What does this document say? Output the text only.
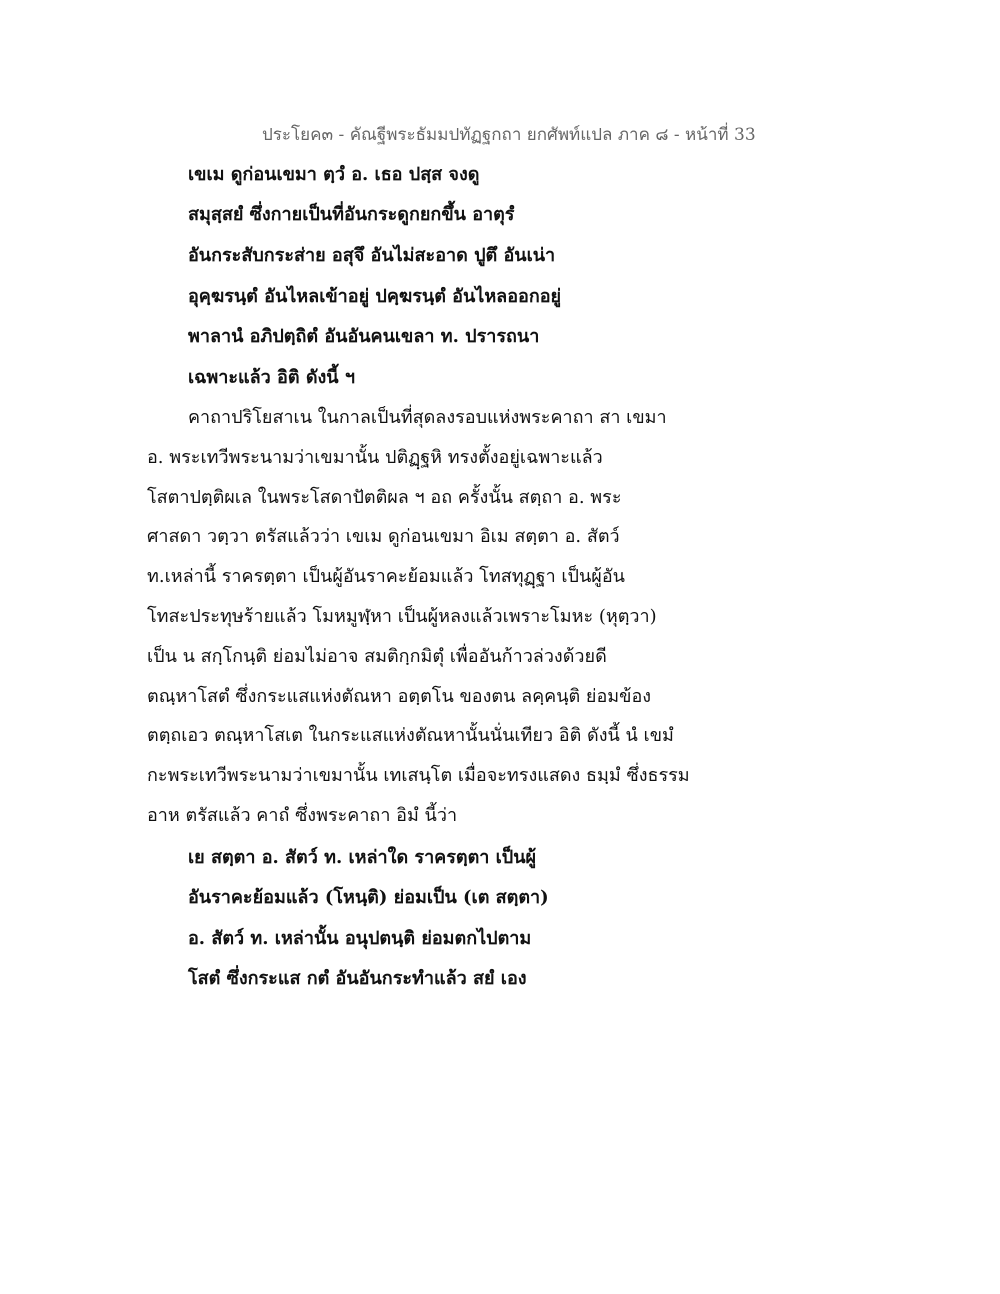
ประโยค๓ - คัณฐีพระธัมมปทัฏฐกถา ยกศัพท์แปล ภาค ๘ - หน้าที่ 33
เขเม ดูก่อนเขมา ตฺวํ อ. เธอ ปสฺส จงดู
สมุสฺสยํ ซึ่งกายเป็นที่อันกระดูกยกขึ้น อาตุรํ
อันกระสับกระส่าย อสุจึ อันไม่สะอาด ปูตึ อันเน่า
อุคฺฆรนฺตํ อันไหลเข้าอยู่ ปคฺฆรนฺตํ อันไหลออกอยู่
พาลานํ อภิปตฺถิตํ อันอันคนเขลา ท. ปรารถนา
เฉพาะแล้ว อิติ ดังนี้ ฯ
คาถาปริโยสาเน ในกาลเป็นที่สุดลงรอบแห่งพระคาถา สา เขมา
อ. พระเทวีพระนามว่าเขมานั้น ปติฏฺฐหิ ทรงตั้งอยู่เฉพาะแล้ว
โสตาปตฺติผเล ในพระโสดาปัตติผล ฯ อถ ครั้งนั้น สตฺถา อ. พระ
ศาสดา วตฺวา ตรัสแล้วว่า เขเม ดูก่อนเขมา อิเม สตฺตา อ. สัตว์
ท.เหล่านี้ ราครตฺตา เป็นผู้อันราคะย้อมแล้ว โทสทุฏฺฐา เป็นผู้อัน
โทสะประทุษร้ายแล้ว โมหมูฬฺหา เป็นผู้หลงแล้วเพราะโมหะ (หุตฺวา)
เป็น น สกฺโกนฺติ ย่อมไม่อาจ สมติกฺกมิตุํ เพื่ออันก้าวล่วงด้วยดี
ตณฺหาโสตํ ซึ่งกระแสแห่งตัณหา อตฺตโน ของตน ลคฺคนฺติ ย่อมข้อง
ตตฺถเอว ตณฺหาโสเต ในกระแสแห่งตัณหานั้นนั่นเทียว อิติ ดังนี้ นํ เขมํ
กะพระเทวีพระนามว่าเขมานั้น เทเสนฺโต เมื่อจะทรงแสดง ธมฺมํ ซึ่งธรรม
อาห ตรัสแล้ว คาถํ ซึ่งพระคาถา อิมํ นี้ว่า
เย สตฺตา อ. สัตว์ ท. เหล่าใด ราครตฺตา เป็นผู้
อันราคะย้อมแล้ว (โหนฺติ) ย่อมเป็น (เต สตฺตา)
อ. สัตว์ ท. เหล่านั้น อนุปตนฺติ ย่อมตกไปตาม
โสตํ ซึ่งกระแส กตํ อันอันกระทำแล้ว สยํ เอง
